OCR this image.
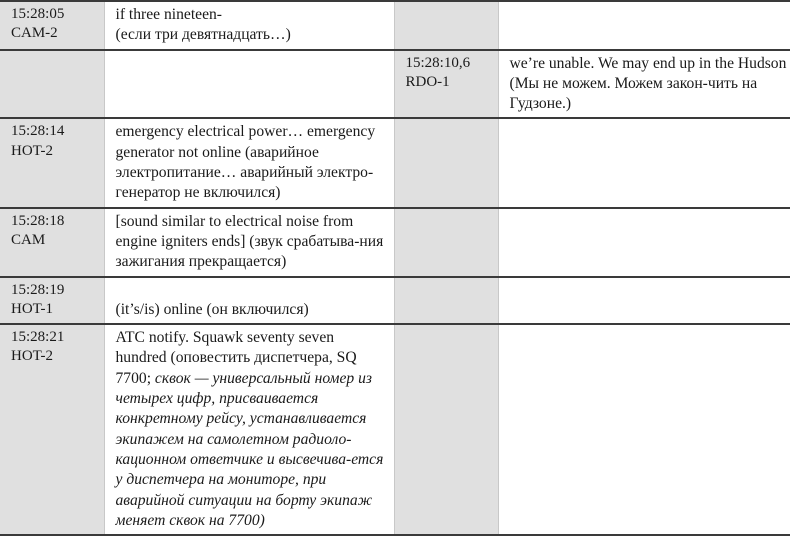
15:28:05
CAM-2	if three nineteen-
(если три девятнадцать…)	

		15:28:10,6
RDO-1	we’re unable. We may end up in the Hudson (Мы не можем. Можем закон-чить на Гудзоне.)

15:28:14
HOT-2	emergency electrical power… emergency generator not online (аварийное электропитание… аварийный электро-генератор не включился)		

15:28:18
CAM	[sound similar to electrical noise from engine igniters ends] (звук срабатыва-ния зажигания прекращается)		

15:28:19
HOT-1	(it’s/is) online (он включился)		

15:28:21
HOT-2	ATC notify. Squawk seventy seven hundred (оповестить диспетчера, SQ 7700; сквок — универсальный номер из четырех цифр, присваивается конкретному рейсу, устанавливается экипажем на самолетном радиоло-кационном ответчике и высвечива-ется у диспетчера на мониторе, при аварийной ситуации на борту экипаж меняет сквок на 7700)		
